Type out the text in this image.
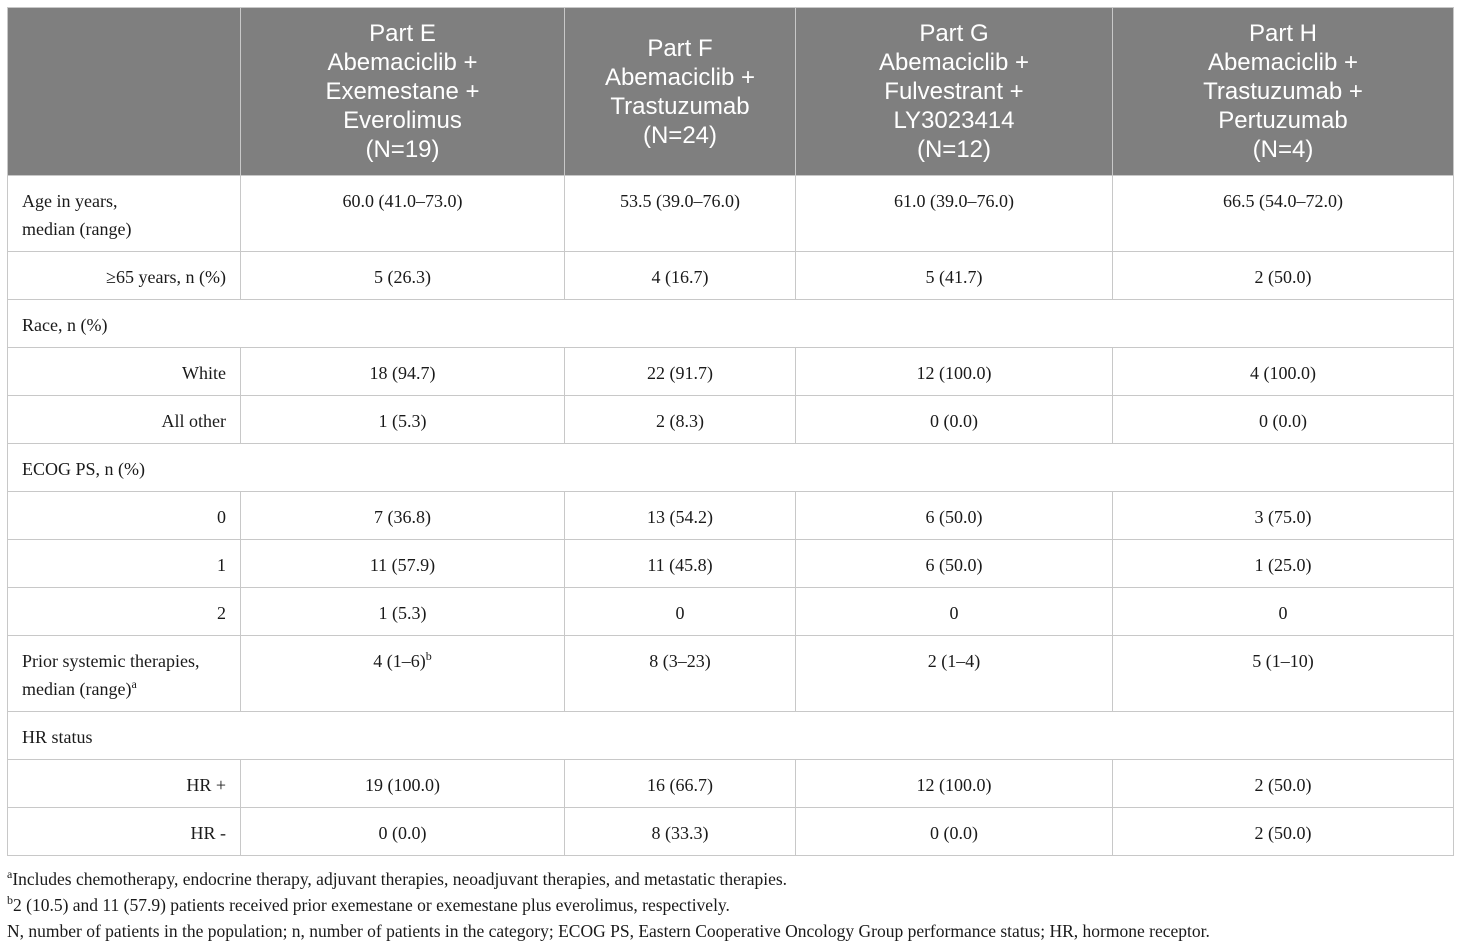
	Part E
Abemaciclib +
Exemestane +
Everolimus
(N=19)	Part F
Abemaciclib +
Trastuzumab
(N=24)	Part G
Abemaciclib +
Fulvestrant +
LY3023414
(N=12)	Part H
Abemaciclib +
Trastuzumab +
Pertuzumab
(N=4)

Age in years,
median (range)	60.0 (41.0–73.0)	53.5 (39.0–76.0)	61.0 (39.0–76.0)	66.5 (54.0–72.0)
≥65 years, n (%)	5 (26.3)	4 (16.7)	5 (41.7)	2 (50.0)
Race, n (%)				
White	18 (94.7)	22 (91.7)	12 (100.0)	4 (100.0)
All other	1 (5.3)	2 (8.3)	0 (0.0)	0 (0.0)
ECOG PS, n (%)				
0	7 (36.8)	13 (54.2)	6 (50.0)	3 (75.0)
1	11 (57.9)	11 (45.8)	6 (50.0)	1 (25.0)
2	1 (5.3)	0	0	0
Prior systemic therapies,
median (range)$^a$	4 $(1-6)^b$	8 (3–23)	2 (1–4)	5 (1–10)
HR status				
HR +	19 (100.0)	16 (66.7)	12 (100.0)	2 (50.0)
HR -	0 (0.0)	8 (33.3)	0 (0.0)	2 (50.0)

$^a$Includes chemotherapy, endocrine therapy, adjuvant therapies, neoadjuvant therapies, and metastatic therapies.

$^b$2 (10.5) and 11 (57.9) patients received prior exemestane or exemestane plus everolimus, respectively.

N, number of patients in the population; n, number of patients in the category; ECOG PS, Eastern Cooperative Oncology Group performance status; HR, hormone receptor.
